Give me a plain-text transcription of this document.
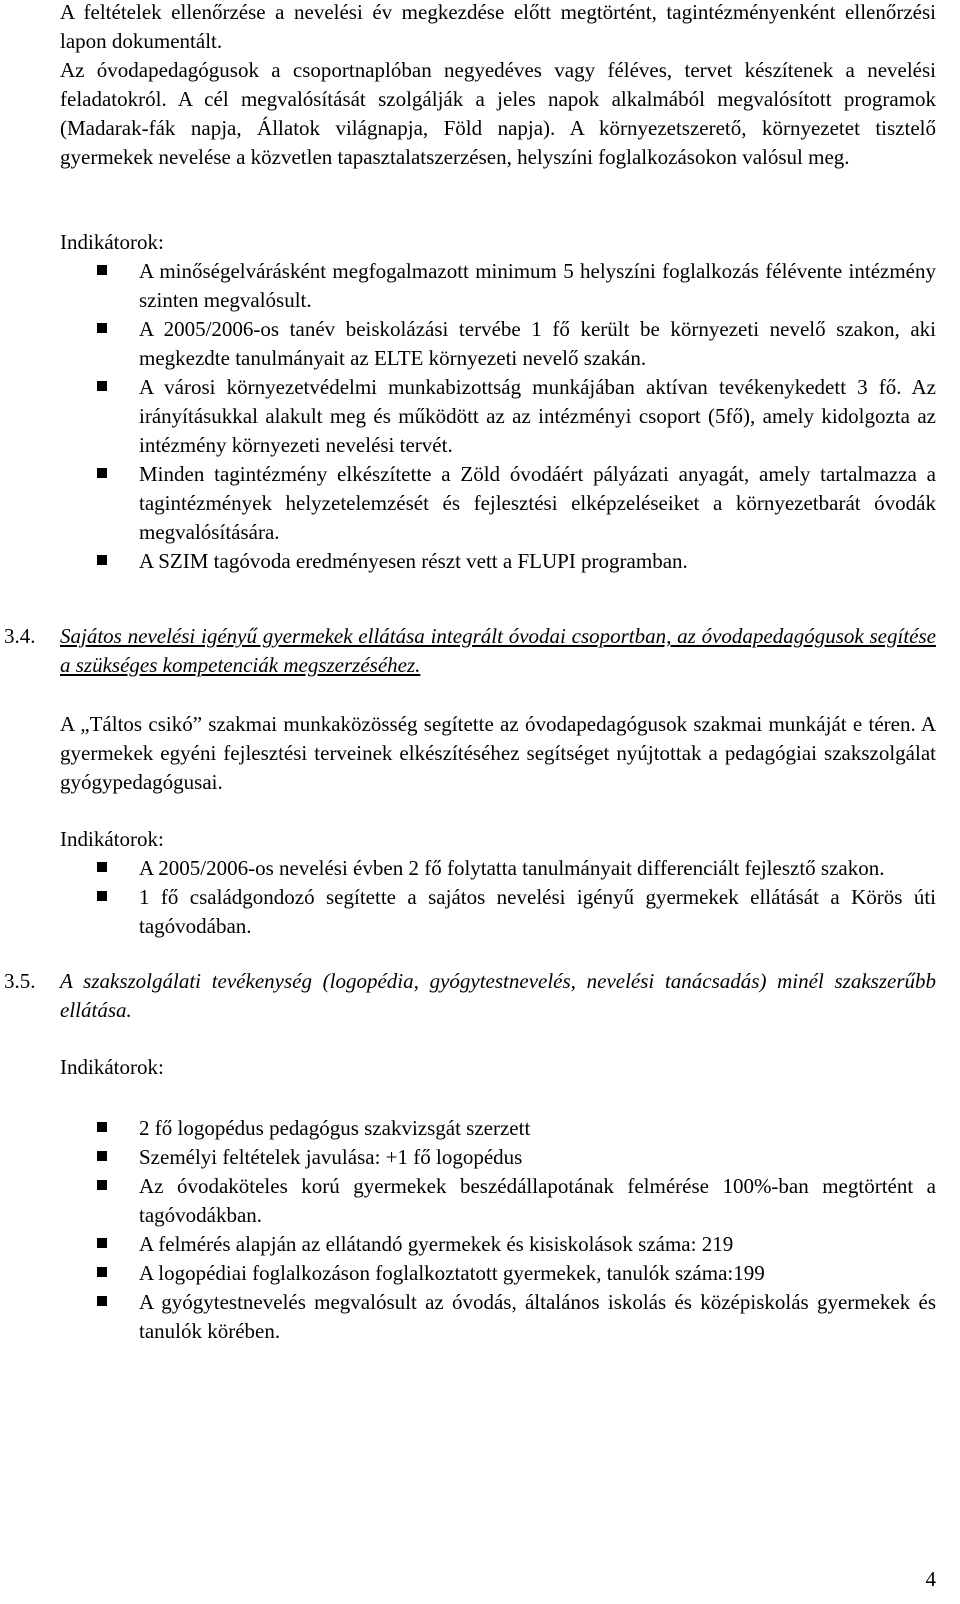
A feltételek ellenőrzése a nevelési év megkezdése előtt megtörtént, tagintézményenként ellenőrzési lapon dokumentált.

Az óvodapedagógusok a csoportnaplóban negyedéves vagy féléves, tervet készítenek a nevelési feladatokról. A cél megvalósítását szolgálják a jeles napok alkalmából megvalósított programok (Madarak-fák napja, Állatok világnapja, Föld napja). A környezetszerető, környezetet tisztelő gyermekek nevelése a közvetlen tapasztalatszerzésen, helyszíni foglalkozásokon valósul meg.

Indikátorok:

A minőségelvárásként megfogalmazott minimum 5 helyszíni foglalkozás félévente intézmény szinten megvalósult.
A 2005/2006-os tanév beiskolázási tervébe 1 fő került be környezeti nevelő szakon, aki megkezdte tanulmányait az ELTE környezeti nevelő szakán.
A városi környezetvédelmi munkabizottság munkájában aktívan tevékenykedett 3 fő. Az irányításukkal alakult meg és működött az az intézményi csoport (5fő), amely kidolgozta az intézmény környezeti nevelési tervét.
Minden tagintézmény elkészítette a Zöld óvodáért pályázati anyagát, amely tartalmazza a tagintézmények helyzetelemzését és fejlesztési elképzeléseiket a környezetbarát óvodák megvalósítására.
A SZIM tagóvoda eredményesen részt vett a FLUPI programban.
3.4. Sajátos nevelési igényű gyermekek ellátása integrált óvodai csoportban, az óvodapedagógusok segítése a szükséges kompetenciák megszerzéséhez.

A „Táltos csikó” szakmai munkaközösség segítette az óvodapedagógusok szakmai munkáját e téren. A gyermekek egyéni fejlesztési terveinek elkészítéséhez segítséget nyújtottak a pedagógiai szakszolgálat gyógypedagógusai.

Indikátorok:

A 2005/2006-os nevelési évben 2 fő folytatta tanulmányait differenciált fejlesztő szakon.
1 fő családgondozó segítette a sajátos nevelési igényű gyermekek ellátását a Körös úti tagóvodában.
3.5. A szakszolgálati tevékenység (logopédia, gyógytestnevelés, nevelési tanácsadás) minél szakszerűbb ellátása.

Indikátorok:

2 fő logopédus pedagógus szakvizsgát szerzett
Személyi feltételek javulása: +1 fő logopédus
Az óvodaköteles korú gyermekek beszédállapotának felmérése 100%-ban megtörtént a tagóvodákban.
A felmérés alapján az ellátandó gyermekek és kisiskolások száma: 219
A logopédiai foglalkozáson foglalkoztatott gyermekek, tanulók száma:199
A gyógytestnevelés megvalósult az óvodás, általános iskolás és középiskolás gyermekek és tanulók körében.
4
